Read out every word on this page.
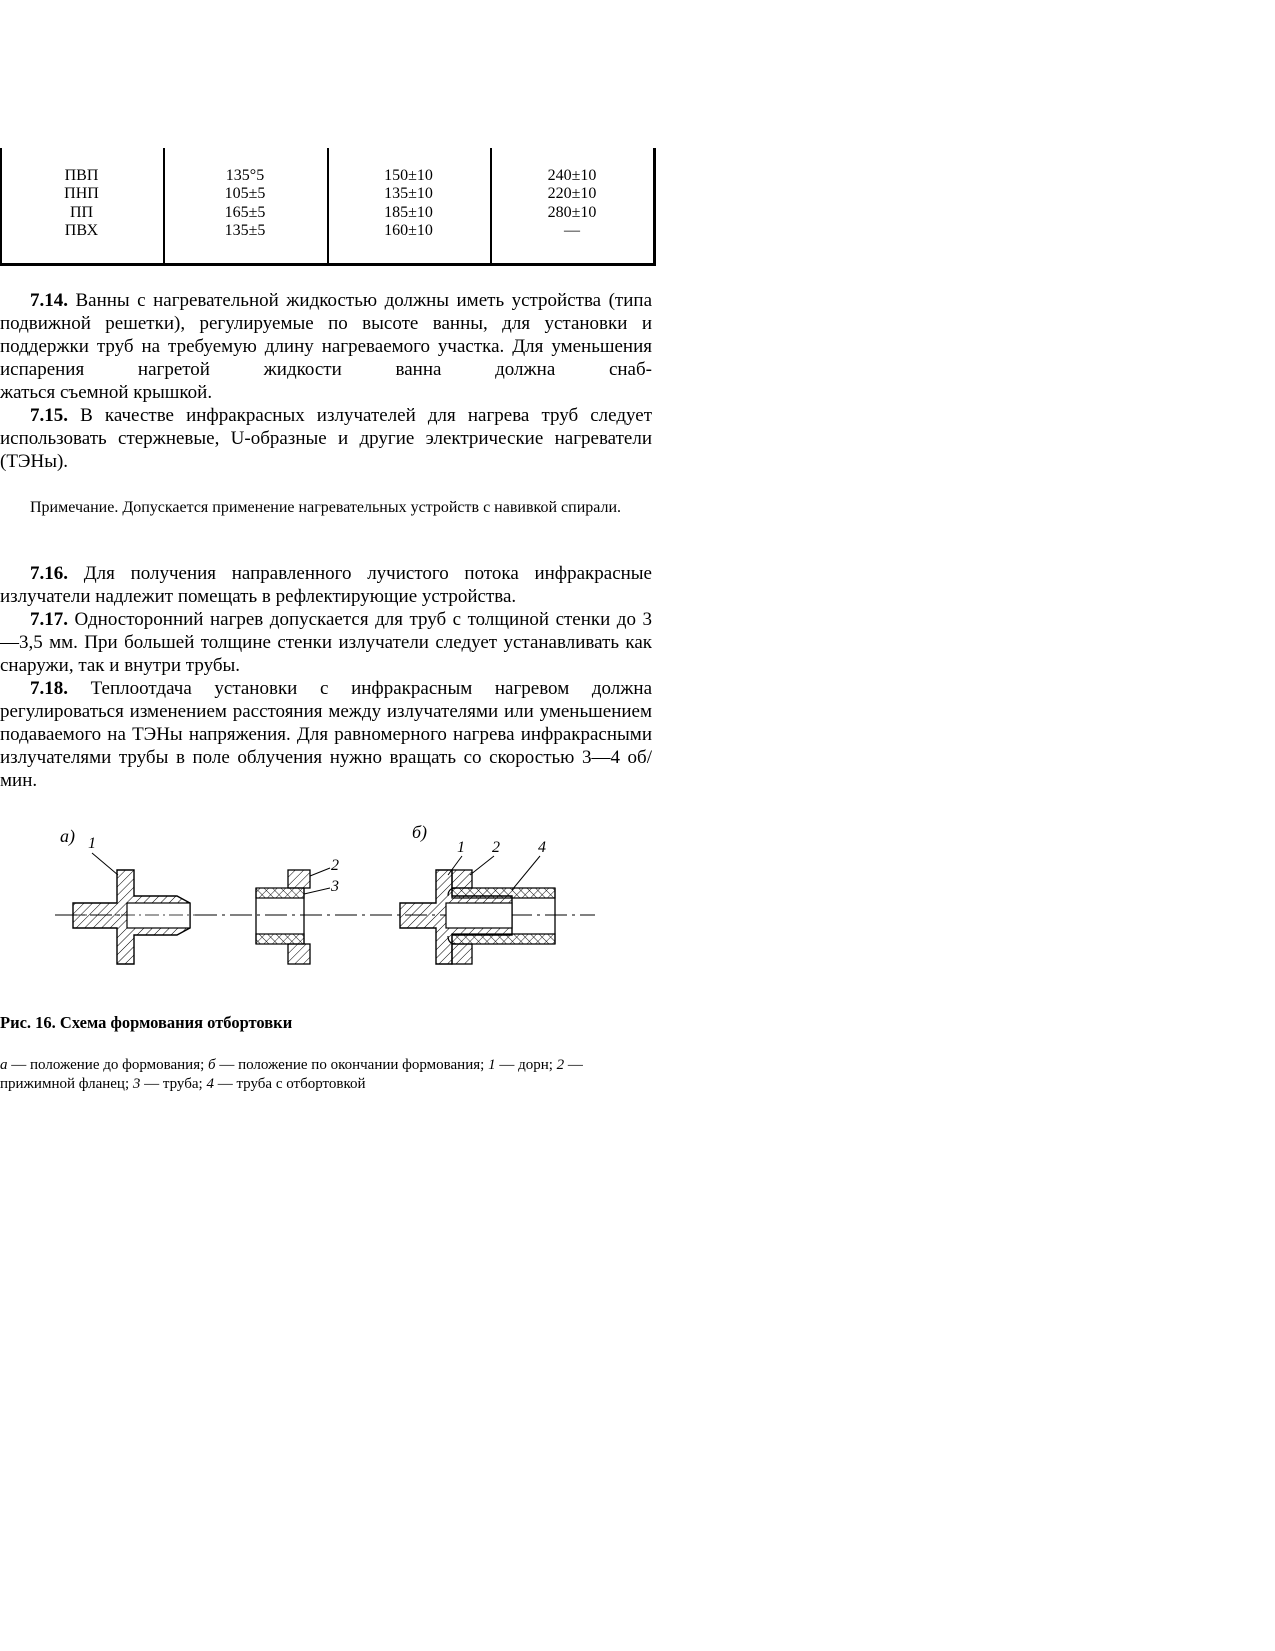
ПВП
ПНП
ПП
ПВХ
135°5
105±5
165±5
135±5
150±10
135±10
185±10
160±10
240±10
220±10
280±10
—

7.14. Ванны с нагревательной жидкостью должны иметь устройства (типа подвижной решетки), регулируемые по высоте ванны, для установки и поддержки труб на требуемую длину нагреваемого участка. Для уменьшения испарения нагретой жидкости ванна должна снаб-

жаться съемной крышкой.

7.15. В качестве инфракрасных излучателей для нагрева труб следует использовать стержневые, U-образные и другие электрические нагреватели (ТЭНы).

Примечание. Допускается применение нагревательных устройств с навивкой спирали.

7.16. Для получения направленного лучистого потока инфракрасные излучатели надлежит помещать в рефлектирующие устройства.

7.17. Односторонний нагрев допускается для труб с толщиной стенки до 3—3,5 мм. При большей толщине стенки излучатели следует устанавливать как снаружи, так и внутри трубы.

7.18. Теплоотдача установки с инфракрасным нагревом должна регулироваться изменением расстояния между излучателями или уменьшением подаваемого на ТЭНы напряжения. Для равномерного нагрева инфракрасными излучателями трубы в поле облучения нужно вращать со скоростью 3—4 об/мин.

а)	б)
1
2
3
1 2 4

Рис. 16. Схема формования отбортовки

а — положение до формования; б — положение по окончании формования; 1 — дорн; 2 — прижимной фланец; 3 — труба; 4 — труба с отбортовкой
